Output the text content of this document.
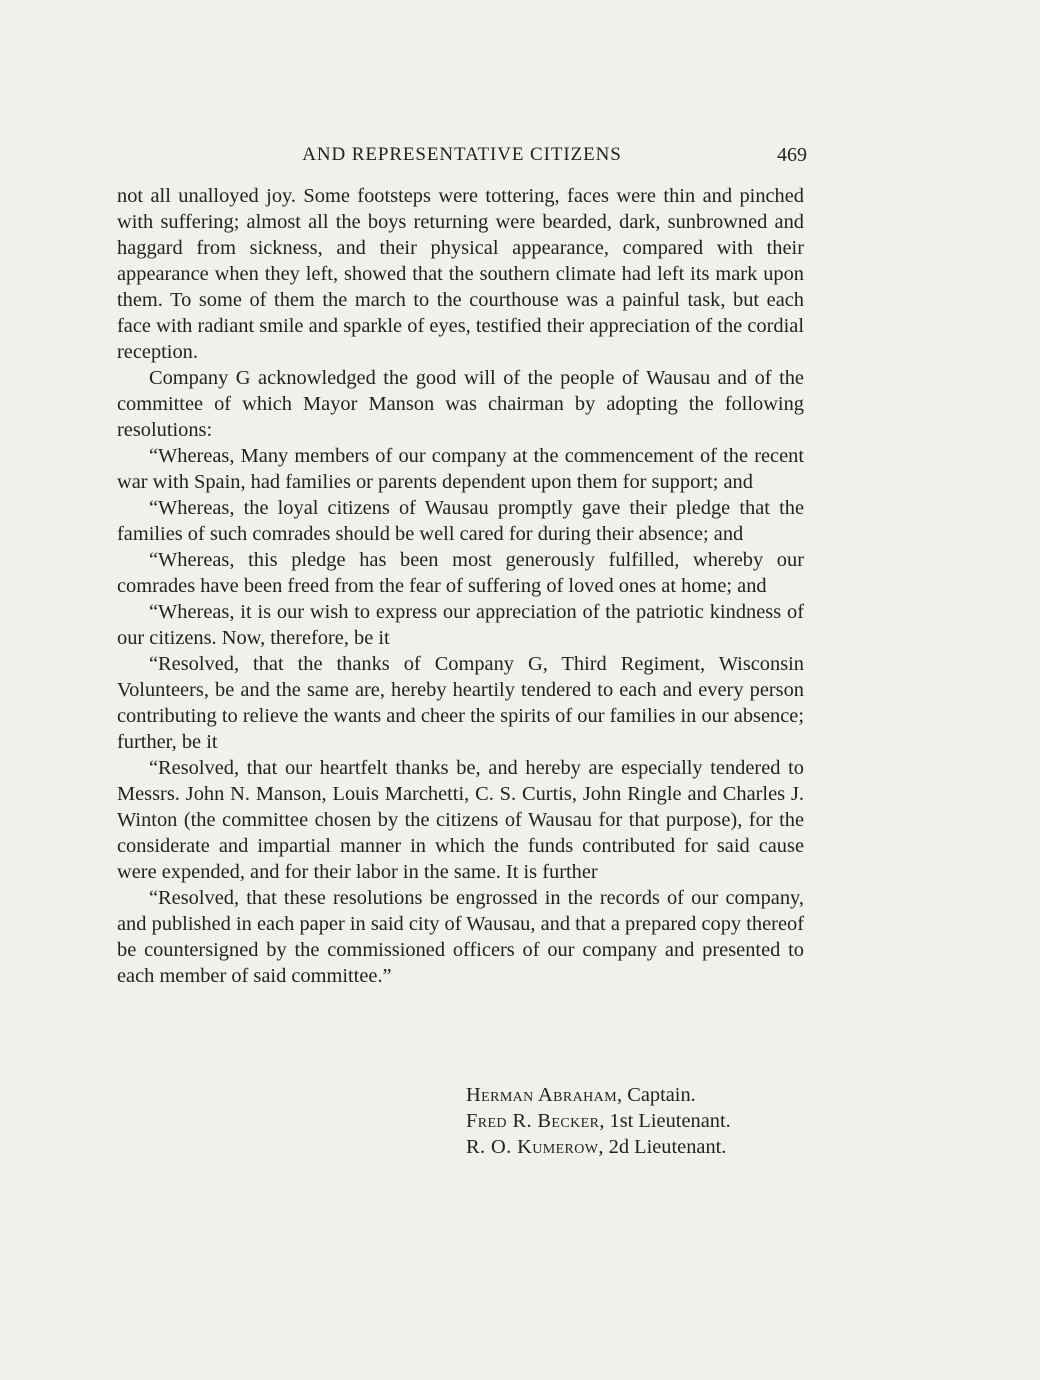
AND REPRESENTATIVE CITIZENS	469

not all unalloyed joy. Some footsteps were tottering, faces were thin and pinched with suffering; almost all the boys returning were bearded, dark, sunbrowned and haggard from sickness, and their physical appearance, compared with their appearance when they left, showed that the southern climate had left its mark upon them. To some of them the march to the courthouse was a painful task, but each face with radiant smile and sparkle of eyes, testified their appreciation of the cordial reception.

Company G acknowledged the good will of the people of Wausau and of the committee of which Mayor Manson was chairman by adopting the following resolutions:

“Whereas, Many members of our company at the commencement of the recent war with Spain, had families or parents dependent upon them for support; and

“Whereas, the loyal citizens of Wausau promptly gave their pledge that the families of such comrades should be well cared for during their absence; and

“Whereas, this pledge has been most generously fulfilled, whereby our comrades have been freed from the fear of suffering of loved ones at home; and

“Whereas, it is our wish to express our appreciation of the patriotic kindness of our citizens. Now, therefore, be it

“Resolved, that the thanks of Company G, Third Regiment, Wisconsin Volunteers, be and the same are, hereby heartily tendered to each and every person contributing to relieve the wants and cheer the spirits of our families in our absence; further, be it

“Resolved, that our heartfelt thanks be, and hereby are especially tendered to Messrs. John N. Manson, Louis Marchetti, C. S. Curtis, John Ringle and Charles J. Winton (the committee chosen by the citizens of Wausau for that purpose), for the considerate and impartial manner in which the funds contributed for said cause were expended, and for their labor in the same. It is further

“Resolved, that these resolutions be engrossed in the records of our company, and published in each paper in said city of Wausau, and that a prepared copy thereof be countersigned by the commissioned officers of our company and presented to each member of said committee.”

Herman Abraham, Captain.
Fred R. Becker, 1st Lieutenant.
R. O. Kumerow, 2d Lieutenant.
